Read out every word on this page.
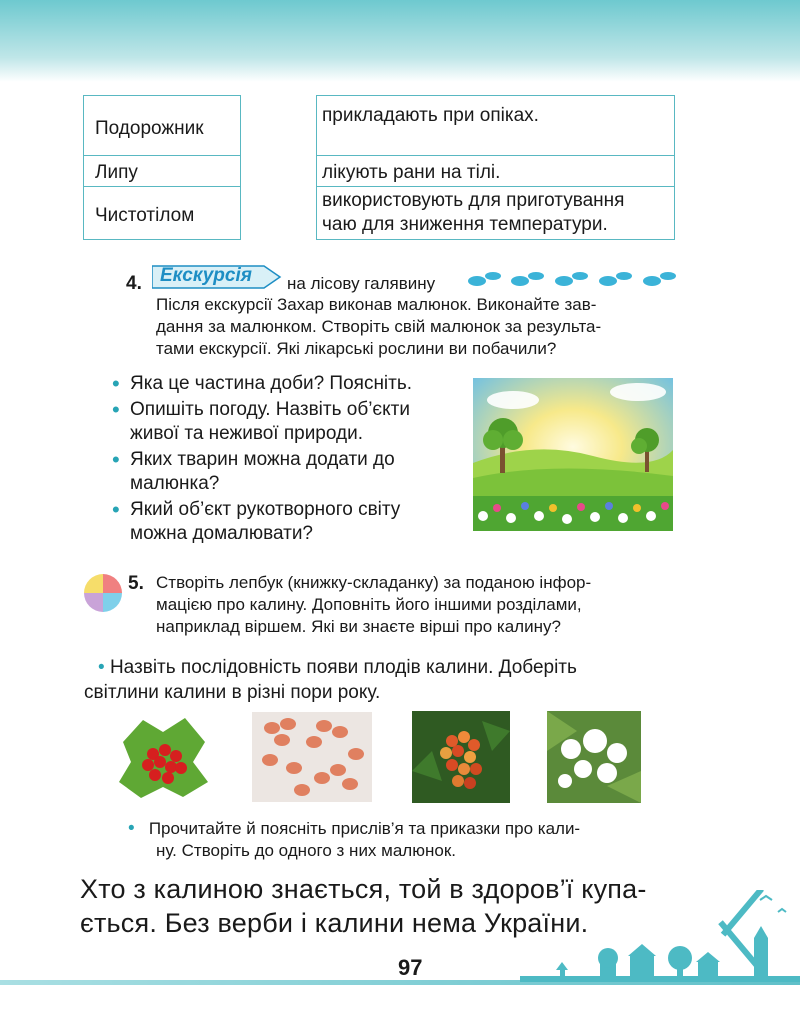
Подорожник
Липу
Чистотілом
прикладають при опіках.
лікують рани на тілі.
використовують для приготування
чаю для зниження температури.
4. Екскурсія на лісову галявину
Після екскурсії Захар виконав малюнок. Виконайте зав-
дання за малюнком. Створіть свій малюнок за результа-
тами екскурсії. Які лікарські рослини ви побачили?
• Яка це частина доби? Поясніть.
• Опишіть погоду. Назвіть об’єкти
живої та неживої природи.
• Яких тварин можна додати до
малюнка?
• Який об’єкт рукотворного світу
можна домалювати?
5. Створіть лепбук (книжку-складанку) за поданою інфор-
мацією про калину. Доповніть його іншими розділами,
наприклад віршем. Які ви знаєте вірші про калину?
• Назвіть послідовність появи плодів калини. Доберіть
світлини калини в різні пори року.
• Прочитайте й поясніть прислів’я та приказки про кали-
ну. Створіть до одного з них малюнок.
Хто з калиною знається, той в здоров’ї купа-
ється. Без верби і калини нема України.
97
